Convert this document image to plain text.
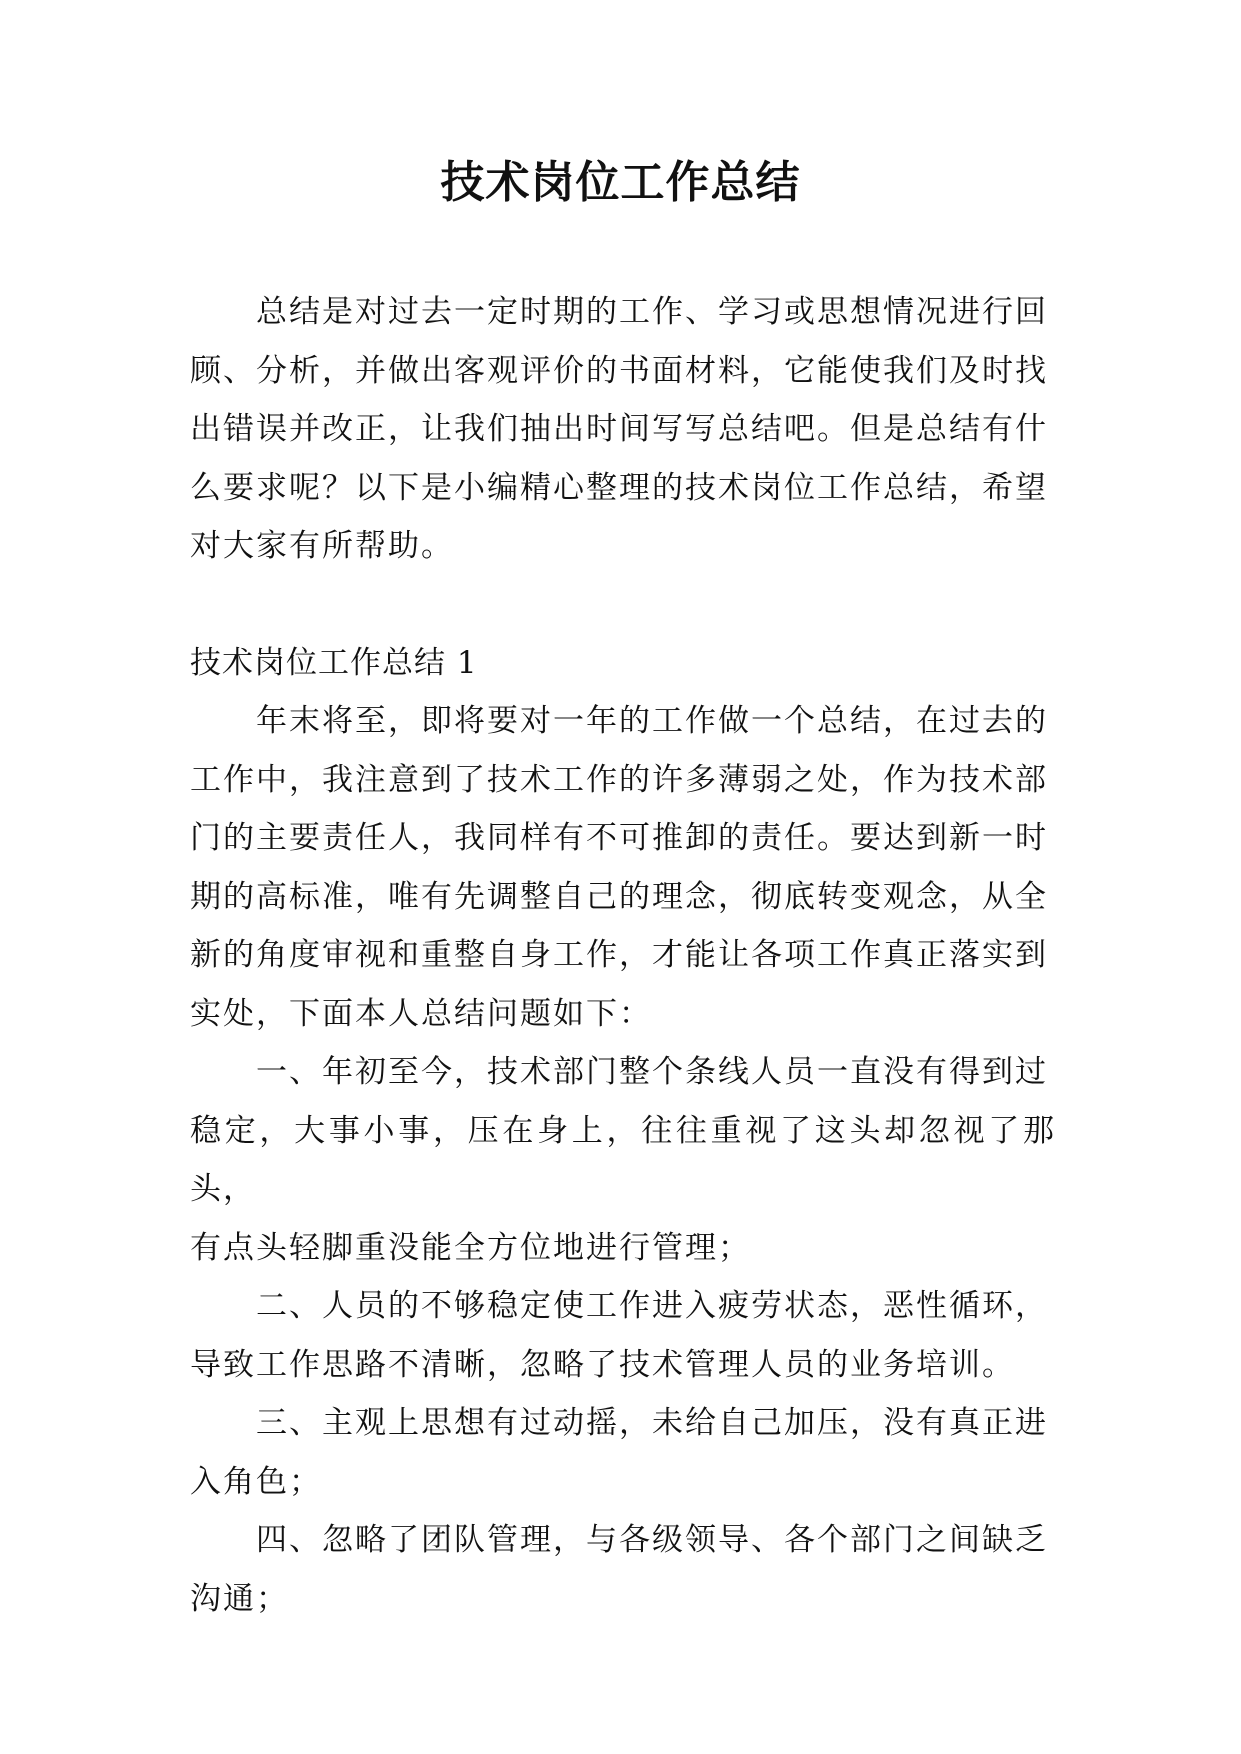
技术岗位工作总结

总结是对过去一定时期的工作、学习或思想情况进行回
顾、分析，并做出客观评价的书面材料，它能使我们及时找
出错误并改正，让我们抽出时间写写总结吧。但是总结有什
么要求呢？以下是小编精心整理的技术岗位工作总结，希望
对大家有所帮助。

技术岗位工作总结 1

年末将至，即将要对一年的工作做一个总结，在过去的
工作中，我注意到了技术工作的许多薄弱之处，作为技术部
门的主要责任人，我同样有不可推卸的责任。要达到新一时
期的高标准，唯有先调整自己的理念，彻底转变观念，从全
新的角度审视和重整自身工作，才能让各项工作真正落实到
实处，下面本人总结问题如下：

一、年初至今，技术部门整个条线人员一直没有得到过
稳定，大事小事，压在身上，往往重视了这头却忽视了那头，
有点头轻脚重没能全方位地进行管理；

二、人员的不够稳定使工作进入疲劳状态，恶性循环，
导致工作思路不清晰，忽略了技术管理人员的业务培训。

三、主观上思想有过动摇，未给自己加压，没有真正进
入角色；

四、忽略了团队管理，与各级领导、各个部门之间缺乏
沟通；
